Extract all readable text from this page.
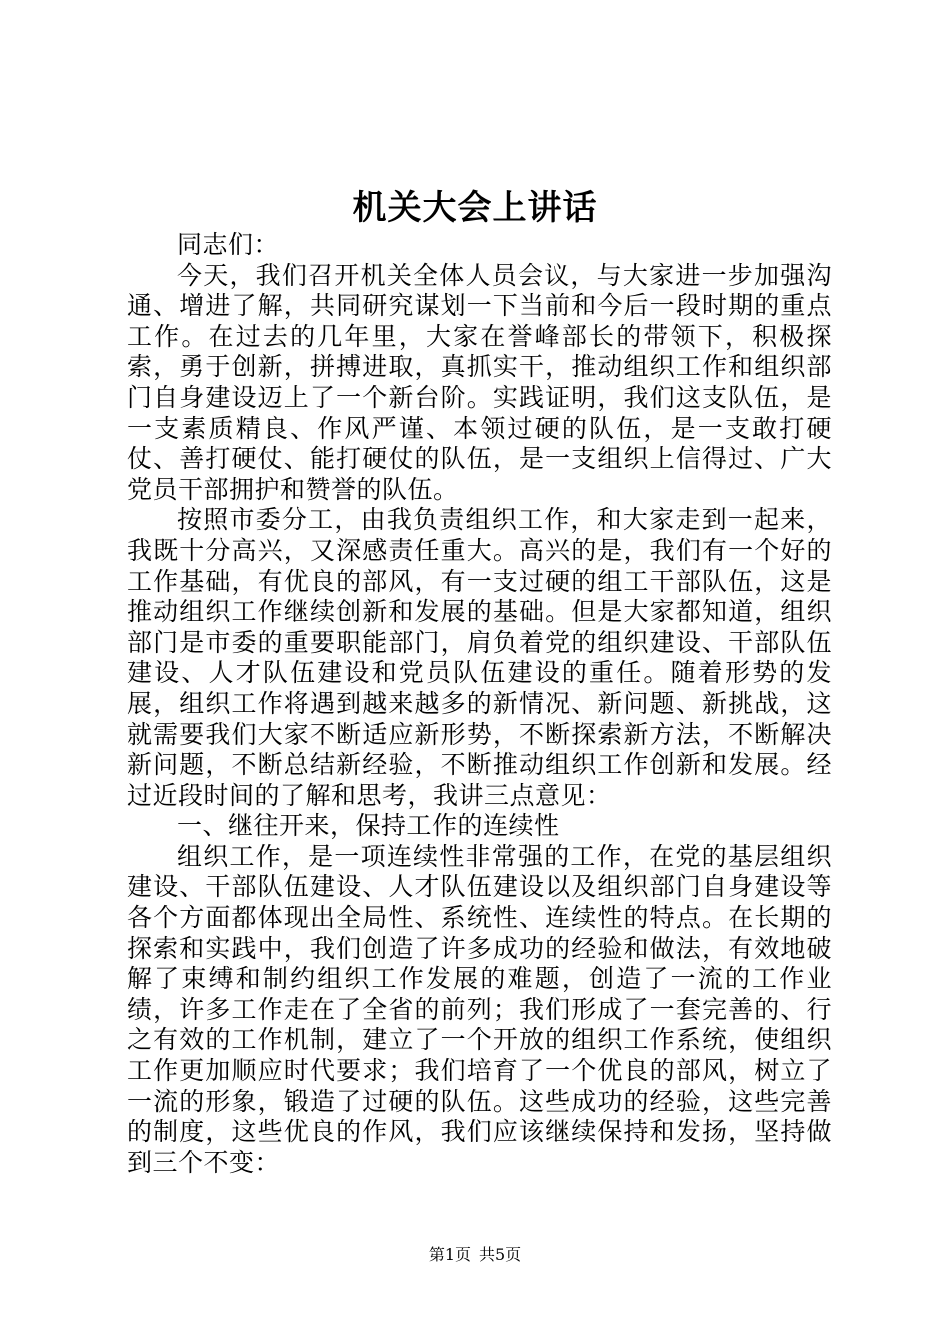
机关大会上讲话

同志们：

今天，我们召开机关全体人员会议，与大家进一步加强沟通、增进了解，共同研究谋划一下当前和今后一段时期的重点工作。在过去的几年里，大家在誉峰部长的带领下，积极探索，勇于创新，拼搏进取，真抓实干，推动组织工作和组织部门自身建设迈上了一个新台阶。实践证明，我们这支队伍，是一支素质精良、作风严谨、本领过硬的队伍，是一支敢打硬仗、善打硬仗、能打硬仗的队伍，是一支组织上信得过、广大党员干部拥护和赞誉的队伍。

按照市委分工，由我负责组织工作，和大家走到一起来，我既十分高兴，又深感责任重大。高兴的是，我们有一个好的工作基础，有优良的部风，有一支过硬的组工干部队伍，这是推动组织工作继续创新和发展的基础。但是大家都知道，组织部门是市委的重要职能部门，肩负着党的组织建设、干部队伍建设、人才队伍建设和党员队伍建设的重任。随着形势的发展，组织工作将遇到越来越多的新情况、新问题、新挑战，这就需要我们大家不断适应新形势，不断探索新方法，不断解决新问题，不断总结新经验，不断推动组织工作创新和发展。经过近段时间的了解和思考，我讲三点意见：

一、继往开来，保持工作的连续性

组织工作，是一项连续性非常强的工作，在党的基层组织建设、干部队伍建设、人才队伍建设以及组织部门自身建设等各个方面都体现出全局性、系统性、连续性的特点。在长期的探索和实践中，我们创造了许多成功的经验和做法，有效地破解了束缚和制约组织工作发展的难题，创造了一流的工作业绩，许多工作走在了全省的前列；我们形成了一套完善的、行之有效的工作机制，建立了一个开放的组织工作系统，使组织工作更加顺应时代要求；我们培育了一个优良的部风，树立了一流的形象，锻造了过硬的队伍。这些成功的经验，这些完善的制度，这些优良的作风，我们应该继续保持和发扬，坚持做到三个不变：

第1页 共5页
